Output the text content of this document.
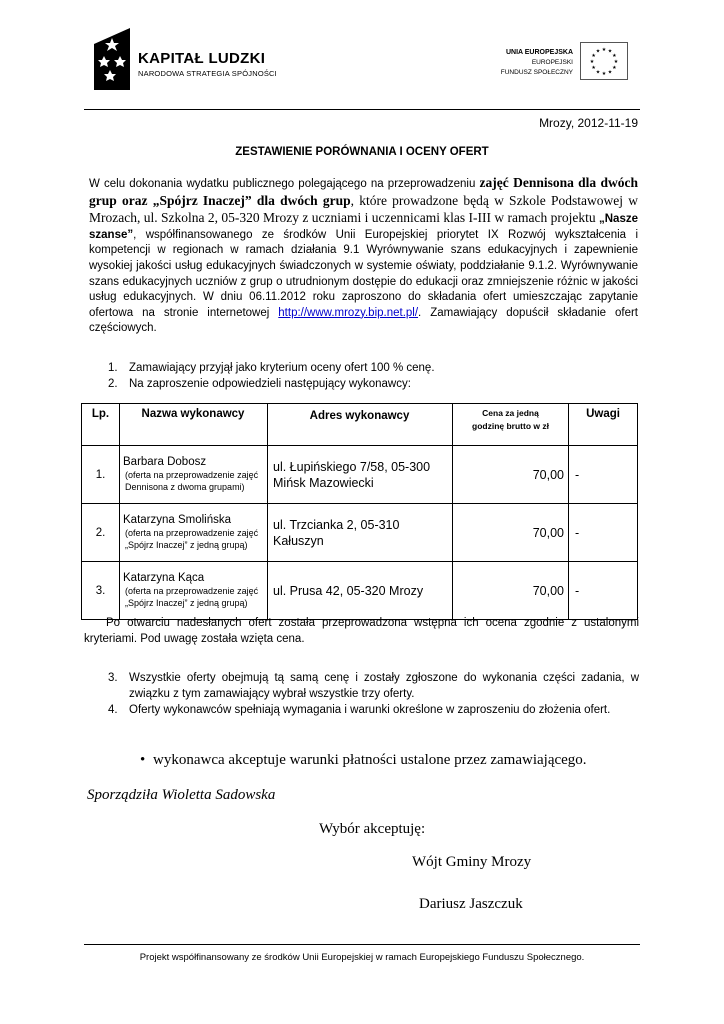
KAPITAŁ LUDZKI
NARODOWA STRATEGIA SPÓJNOŚCI
UNIA EUROPEJSKA
EUROPEJSKI
FUNDUSZ SPOŁECZNY
★ ★
★
★
★
★
★
★
★
★
★
★
Mrozy, 2012-11-19
ZESTAWIENIE PORÓWNANIA I OCENY OFERT
W celu dokonania wydatku publicznego polegającego na przeprowadzeniu zajęć Dennisona dla dwóch grup oraz „Spójrz Inaczej” dla dwóch grup, które prowadzone będą w Szkole Podstawowej w Mrozach, ul. Szkolna 2, 05-320 Mrozy z uczniami i uczennicami klas I-III w ramach projektu „Nasze szanse”, współfinansowanego ze środków Unii Europejskiej priorytet IX Rozwój wykształcenia i kompetencji w regionach w ramach działania 9.1 Wyrównywanie szans edukacyjnych i zapewnienie wysokiej jakości usług edukacyjnych świadczonych w systemie oświaty, poddziałanie 9.1.2. Wyrównywanie szans edukacyjnych uczniów z grup o utrudnionym dostępie do edukacji oraz zmniejszenie różnic w jakości usług edukacyjnych. W dniu 06.11.2012 roku zaproszono do składania ofert umieszczając zapytanie ofertowa na stronie internetowej http://www.mrozy.bip.net.pl/. Zamawiający dopuścił składanie ofert częściowych.
1. Zamawiający przyjął jako kryterium oceny ofert 100 % cenę.
2. Na zaproszenie odpowiedzieli następujący wykonawcy:
Lp.	Nazwa wykonawcy	Adres wykonawcy	Cena za jedną
godzinę brutto w zł	Uwagi
1.	Barbara Dobosz
(oferta na przeprowadzenie zajęć Dennisona z dwoma grupami)	ul. Łupińskiego 7/58, 05-300 Mińsk Mazowiecki	70,00	-
2.	Katarzyna Smolińska
(oferta na przeprowadzenie zajęć „Spójrz Inaczej” z jedną grupą)	ul. Trzcianka 2, 05-310 Kałuszyn	70,00	-
3.	Katarzyna Kąca
(oferta na przeprowadzenie zajęć „Spójrz Inaczej” z jedną grupą)	ul. Prusa 42, 05-320 Mrozy	70,00	-
Po otwarciu nadesłanych ofert została przeprowadzona wstępna ich ocena zgodnie z ustalonymi kryteriami. Pod uwagę została wzięta cena.
3. Wszystkie oferty obejmują tą samą cenę i zostały zgłoszone do wykonania części zadania, w związku z tym zamawiający wybrał wszystkie trzy oferty.
4. Oferty wykonawców spełniają wymagania i warunki określone w zaproszeniu do złożenia ofert.
• wykonawca akceptuje warunki płatności ustalone przez zamawiającego.
Sporządziła Wioletta Sadowska
Wybór akceptuję:
Wójt Gminy Mrozy
Dariusz Jaszczuk
Projekt współfinansowany ze środków Unii Europejskiej w ramach Europejskiego Funduszu Społecznego.
